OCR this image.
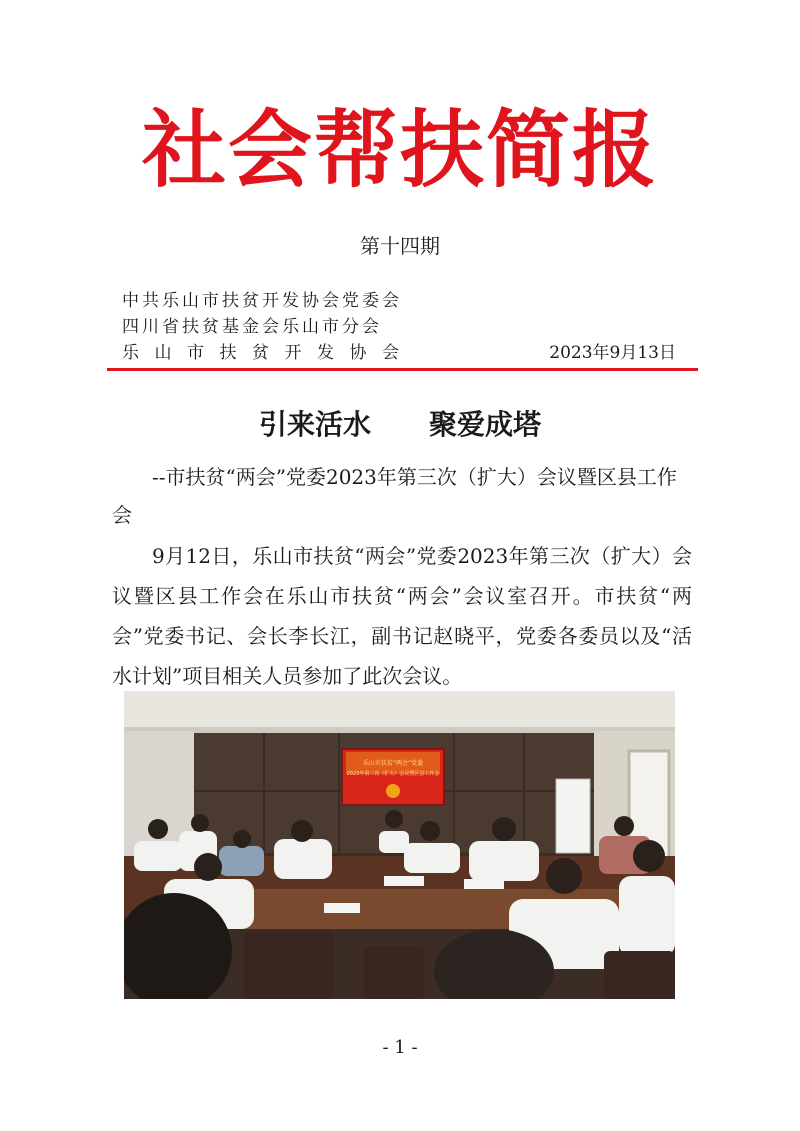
社会帮扶简报
第十四期
中共乐山市扶贫开发协会党委会
四川省扶贫基金会乐山市分会
乐山市扶贫开发协会	2023年9月13日
引来活水 聚爱成塔
--市扶贫“两会”党委2023年第三次（扩大）会议暨区县工作会
9月12日，乐山市扶贫“两会”党委2023年第三次（扩大）会议暨区县工作会在乐山市扶贫“两会”会议室召开。市扶贫“两会”党委书记、会长李长江，副书记赵晓平，党委各委员以及“活水计划”项目相关人员参加了此次会议。
乐山市扶贫“两会”党委
2023年第三次（扩大）会议暨区县工作会
- 1 -
